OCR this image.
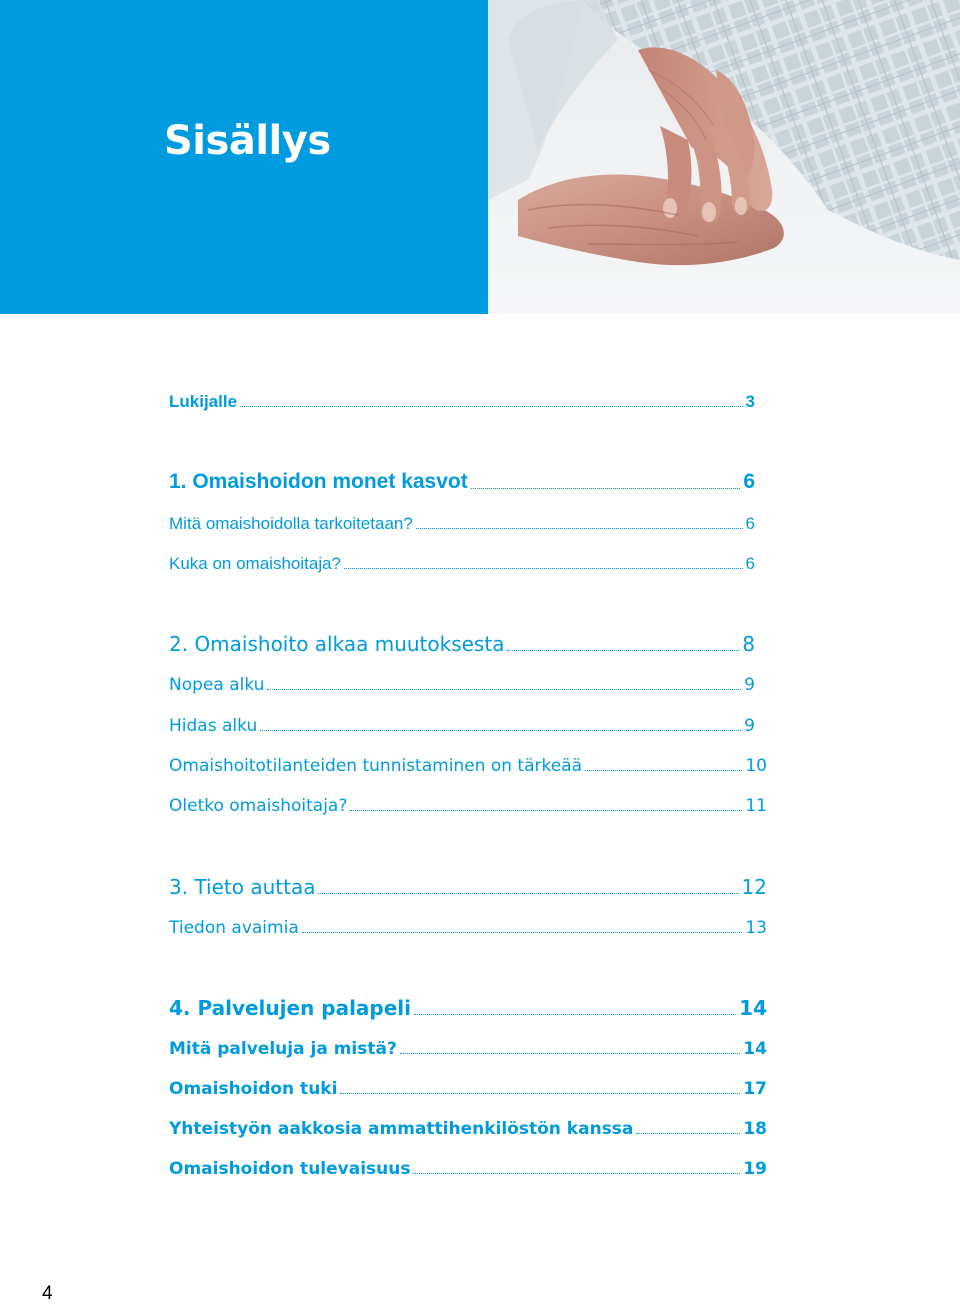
Sisällys
Lukijalle	3
1. Omaishoidon monet kasvot	6
Mitä omaishoidolla tarkoitetaan?	6
Kuka on omaishoitaja?	6
2. Omaishoito alkaa muutoksesta	8
Nopea alku	9
Hidas alku	9
Omaishoitotilanteiden tunnistaminen on tärkeää	10
Oletko omaishoitaja?	11
3. Tieto auttaa	12
Tiedon avaimia	13
4. Palvelujen palapeli	14
Mitä palveluja ja mistä?	14
Omaishoidon tuki	17
Yhteistyön aakkosia ammattihenkilöstön kanssa	18
Omaishoidon tulevaisuus	19
4
